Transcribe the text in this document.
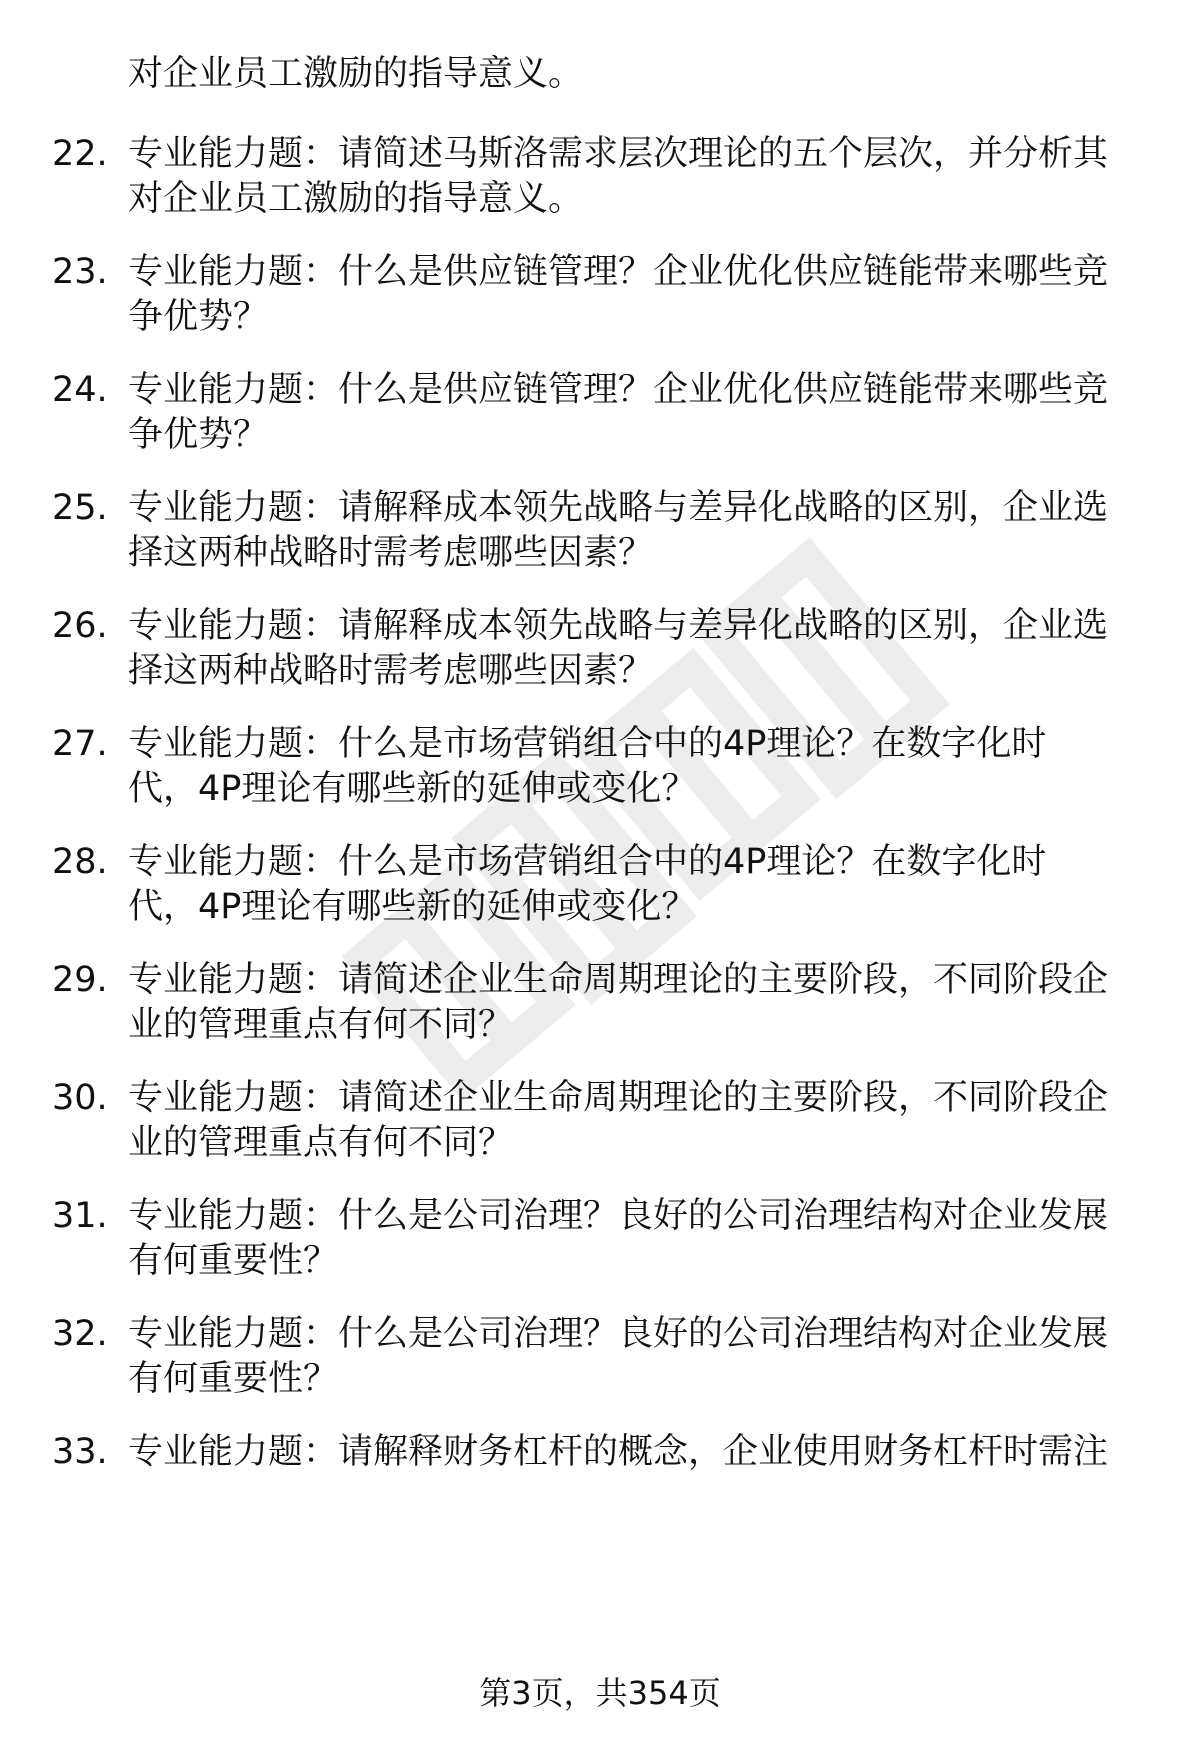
对企业员工激励的指导意义。
22. 专业能力题：请简述马斯洛需求层次理论的五个层次，并分析其
对企业员工激励的指导意义。
23. 专业能力题：什么是供应链管理？企业优化供应链能带来哪些竞
争优势？
24. 专业能力题：什么是供应链管理？企业优化供应链能带来哪些竞
争优势？
25. 专业能力题：请解释成本领先战略与差异化战略的区别，企业选
择这两种战略时需考虑哪些因素？
26. 专业能力题：请解释成本领先战略与差异化战略的区别，企业选
择这两种战略时需考虑哪些因素？
27. 专业能力题：什么是市场营销组合中的4P理论？在数字化时
代，4P理论有哪些新的延伸或变化？
28. 专业能力题：什么是市场营销组合中的4P理论？在数字化时
代，4P理论有哪些新的延伸或变化？
29. 专业能力题：请简述企业生命周期理论的主要阶段，不同阶段企
业的管理重点有何不同？
30. 专业能力题：请简述企业生命周期理论的主要阶段，不同阶段企
业的管理重点有何不同？
31. 专业能力题：什么是公司治理？良好的公司治理结构对企业发展
有何重要性？
32. 专业能力题：什么是公司治理？良好的公司治理结构对企业发展
有何重要性？
33. 专业能力题：请解释财务杠杆的概念，企业使用财务杠杆时需注
第3页，共354页
